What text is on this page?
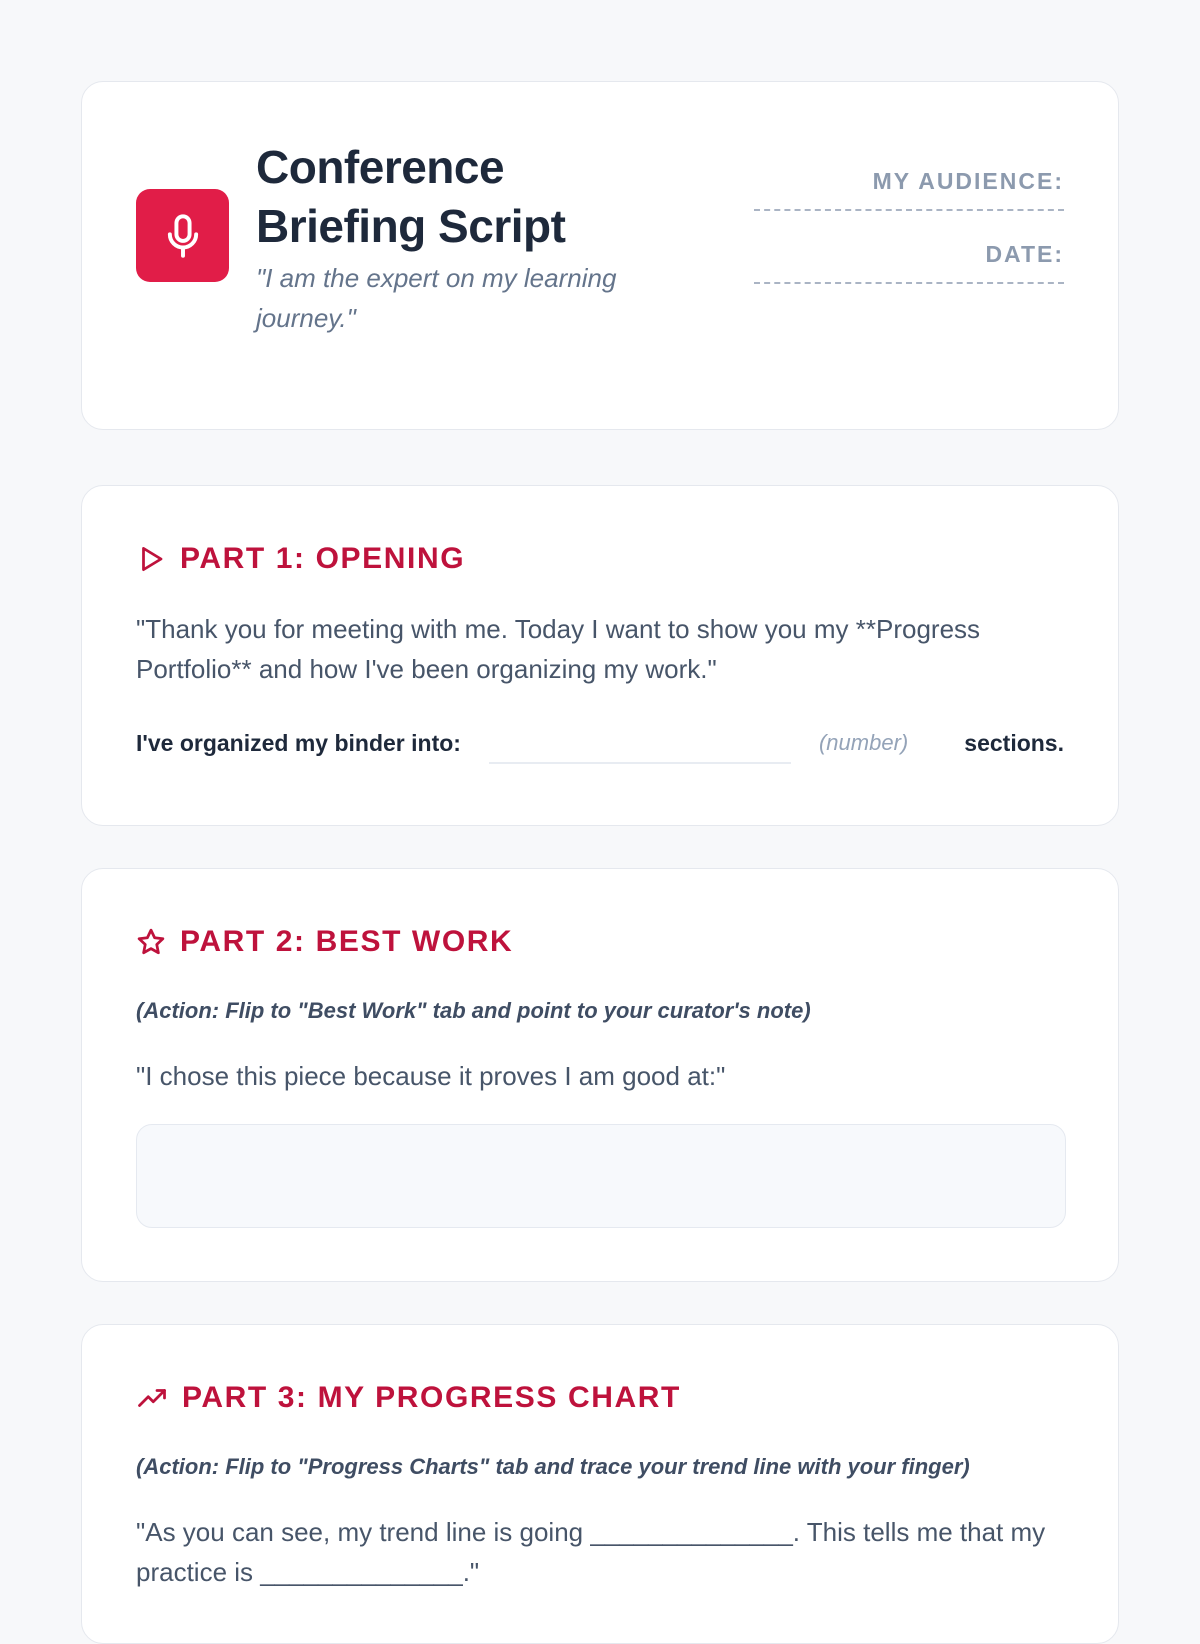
Conference Briefing Script
"I am the expert on my learning journey."
MY AUDIENCE:
DATE:
PART 1: OPENING
"Thank you for meeting with me. Today I want to show you my **Progress Portfolio** and how I've been organizing my work."
I've organized my binder into:	(number) sections.
PART 2: BEST WORK
(Action: Flip to "Best Work" tab and point to your curator's note)
"I chose this piece because it proves I am good at:"
PART 3: MY PROGRESS CHART
(Action: Flip to "Progress Charts" tab and trace your trend line with your finger)
"As you can see, my trend line is going ______________. This tells me that my practice is ______________."
